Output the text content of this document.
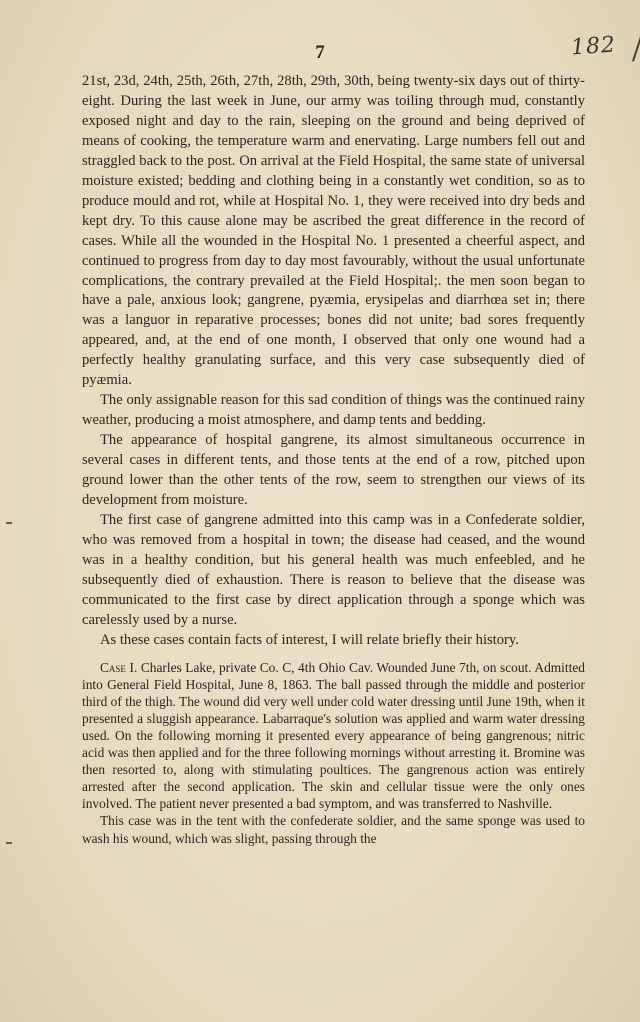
7	182

21st, 23d, 24th, 25th, 26th, 27th, 28th, 29th, 30th, being twenty-six days out of thirty-eight. During the last week in June, our army was toiling through mud, constantly exposed night and day to the rain, sleeping on the ground and being deprived of means of cooking, the temperature warm and enervating. Large numbers fell out and straggled back to the post. On arrival at the Field Hospital, the same state of universal moisture existed; bedding and clothing being in a constantly wet condition, so as to produce mould and rot, while at Hospital No. 1, they were received into dry beds and kept dry. To this cause alone may be ascribed the great difference in the record of cases. While all the wounded in the Hospital No. 1 presented a cheerful aspect, and continued to progress from day to day most favourably, without the usual unfortunate complications, the contrary prevailed at the Field Hospital;. the men soon began to have a pale, anxious look; gangrene, pyæmia, erysipelas and diarrhœa set in; there was a languor in reparative processes; bones did not unite; bad sores frequently appeared, and, at the end of one month, I observed that only one wound had a perfectly healthy granulating surface, and this very case subsequently died of pyæmia.

The only assignable reason for this sad condition of things was the continued rainy weather, producing a moist atmosphere, and damp tents and bedding.

The appearance of hospital gangrene, its almost simultaneous occurrence in several cases in different tents, and those tents at the end of a row, pitched upon ground lower than the other tents of the row, seem to strengthen our views of its development from moisture.

The first case of gangrene admitted into this camp was in a Confederate soldier, who was removed from a hospital in town; the disease had ceased, and the wound was in a healthy condition, but his general health was much enfeebled, and he subsequently died of exhaustion. There is reason to believe that the disease was communicated to the first case by direct application through a sponge which was carelessly used by a nurse.

As these cases contain facts of interest, I will relate briefly their history.

Case I. Charles Lake, private Co. C, 4th Ohio Cav. Wounded June 7th, on scout. Admitted into General Field Hospital, June 8, 1863. The ball passed through the middle and posterior third of the thigh. The wound did very well under cold water dressing until June 19th, when it presented a sluggish appearance. Labarraque's solution was applied and warm water dressing used. On the following morning it presented every appearance of being gangrenous; nitric acid was then applied and for the three following mornings without arresting it. Bromine was then resorted to, along with stimulating poultices. The gangrenous action was entirely arrested after the second application. The skin and cellular tissue were the only ones involved. The patient never presented a bad symptom, and was transferred to Nashville.

This case was in the tent with the confederate soldier, and the same sponge was used to wash his wound, which was slight, passing through the
